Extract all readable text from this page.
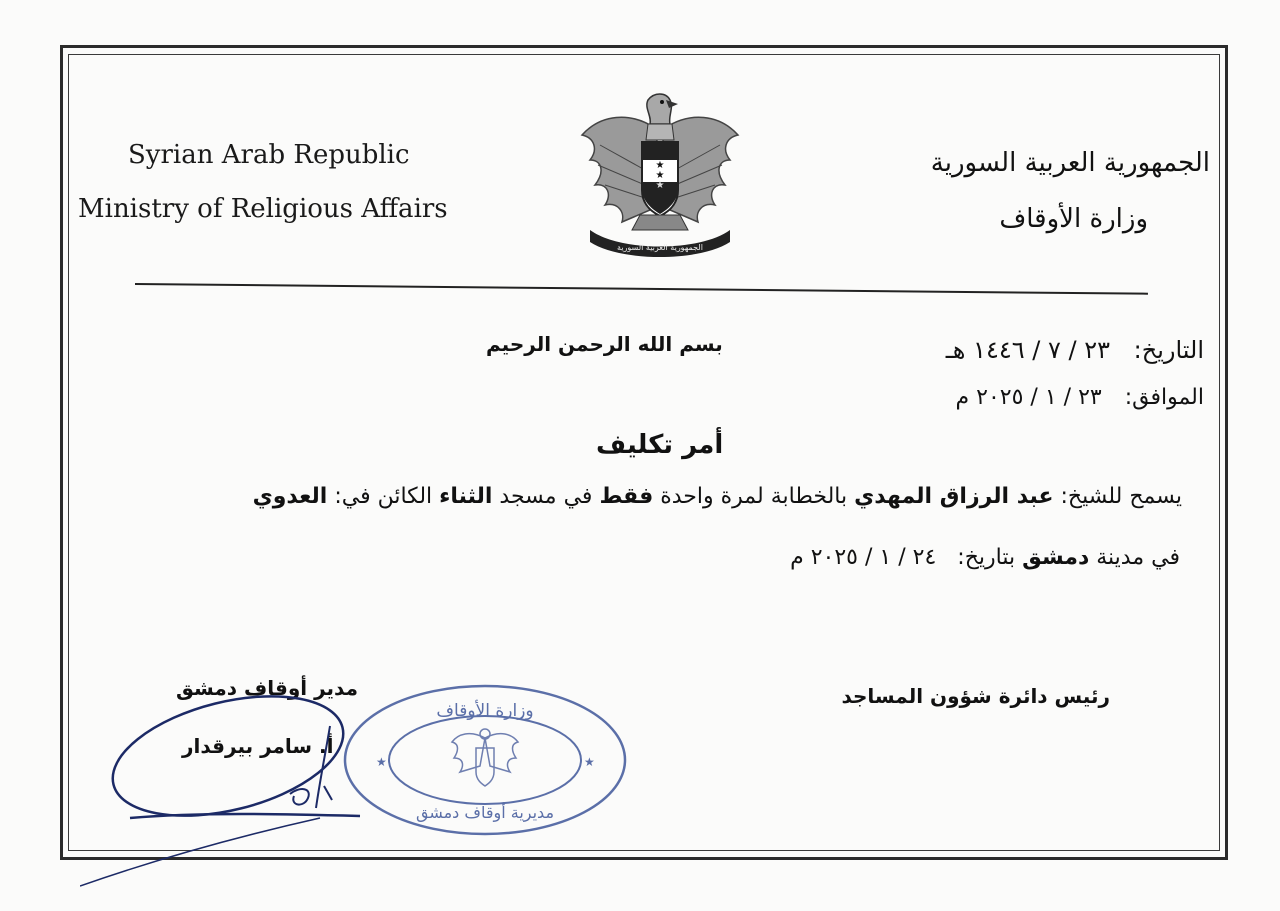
Syrian Arab Republic
Ministry of Religious Affairs
الجمهورية العربية السورية
وزارة الأوقاف
★
★
★
الجمهورية العربية السورية
التاريخ: ٢٣ / ٧ / ١٤٤٦ هـ
الموافق: ٢٣ / ١ / ٢٠٢٥ م
بسم الله الرحمن الرحيم
أمر تكليف
يسمح للشيخ: عبد الرزاق المهدي بالخطابة لمرة واحدة فقط في مسجد الثناء الكائن في: العدوي
في مدينة دمشق بتاريخ: ٢٤ / ١ / ٢٠٢٥ م
رئيس دائرة شؤون المساجد
مدير أوقاف دمشق
أ. سامر بيرقدار
★	★
وزارة الأوقاف
مديرية أوقاف دمشق
